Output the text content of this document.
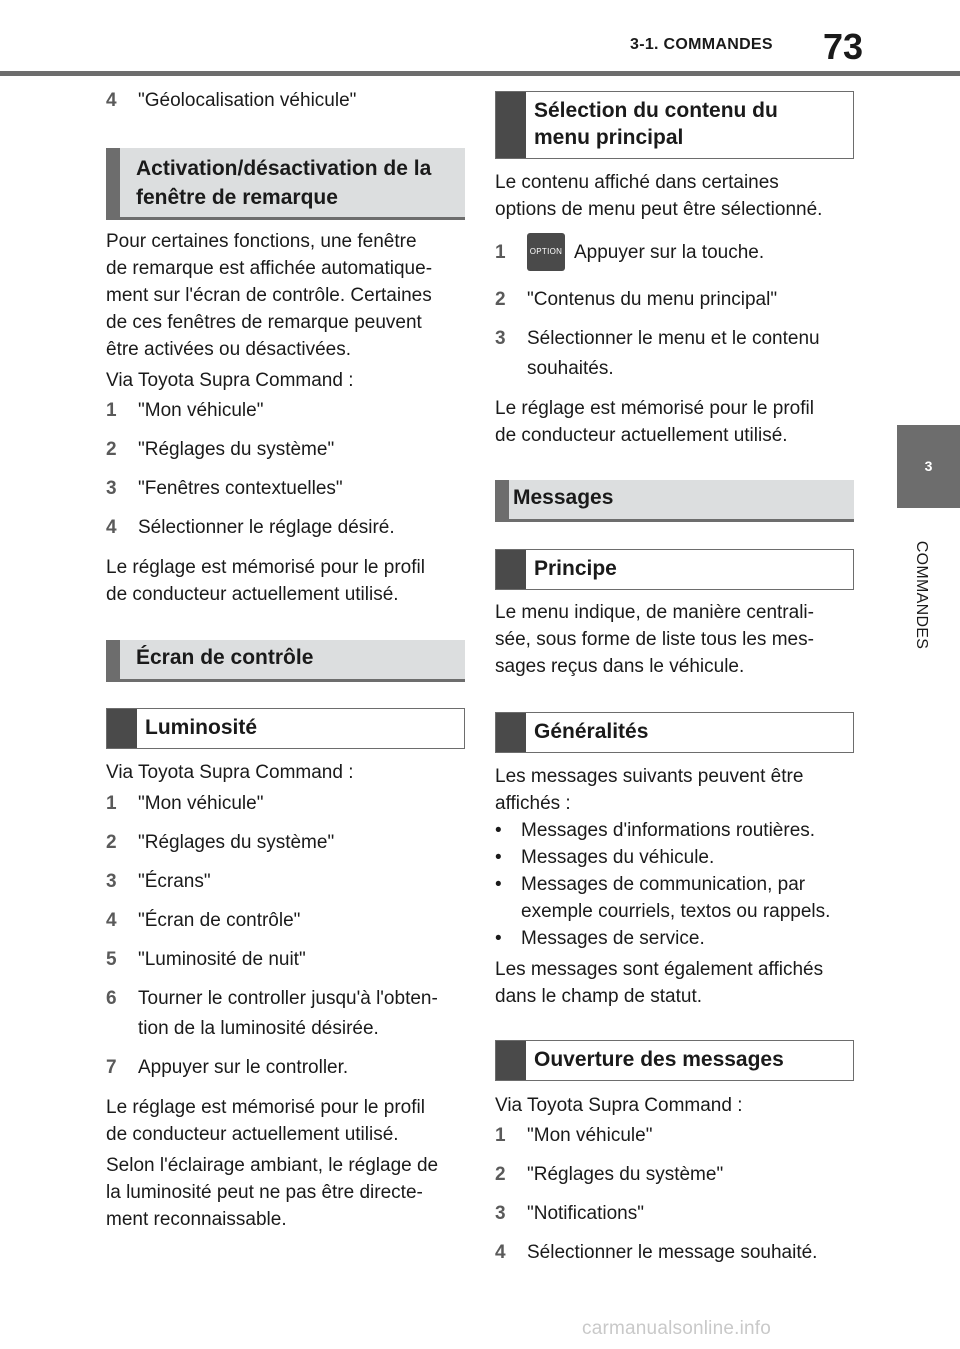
3-1. COMMANDES 73
3
COMMANDES
4 "Géolocalisation véhicule"
Activation/désactivation de la
fenêtre de remarque
Pour certaines fonctions, une fenêtre
de remarque est affichée automatique-
ment sur l'écran de contrôle. Certaines
de ces fenêtres de remarque peuvent
être activées ou désactivées.
Via Toyota Supra Command :
1 "Mon véhicule"
2 "Réglages du système"
3 "Fenêtres contextuelles"
4 Sélectionner le réglage désiré.
Le réglage est mémorisé pour le profil
de conducteur actuellement utilisé.
Écran de contrôle
Luminosité
Via Toyota Supra Command :
1 "Mon véhicule"
2 "Réglages du système"
3 "Écrans"
4 "Écran de contrôle"
5 "Luminosité de nuit"
6 Tourner le controller jusqu'à l'obten-
tion de la luminosité désirée.
7 Appuyer sur le controller.
Le réglage est mémorisé pour le profil
de conducteur actuellement utilisé.
Selon l'éclairage ambiant, le réglage de
la luminosité peut ne pas être directe-
ment reconnaissable.
Sélection du contenu du
menu principal
Le contenu affiché dans certaines
options de menu peut être sélectionné.
1	OPTION Appuyer sur la touche.
2 "Contenus du menu principal"
3 Sélectionner le menu et le contenu
souhaités.
Le réglage est mémorisé pour le profil
de conducteur actuellement utilisé.
Messages
Principe
Le menu indique, de manière centrali-
sée, sous forme de liste tous les mes-
sages reçus dans le véhicule.
Généralités
Les messages suivants peuvent être
affichés :
• Messages d'informations routières.
• Messages du véhicule.
• Messages de communication, par
exemple courriels, textos ou rappels.
• Messages de service.
Les messages sont également affichés
dans le champ de statut.
Ouverture des messages
Via Toyota Supra Command :
1 "Mon véhicule"
2 "Réglages du système"
3 "Notifications"
4 Sélectionner le message souhaité.
carmanualsonline.info
